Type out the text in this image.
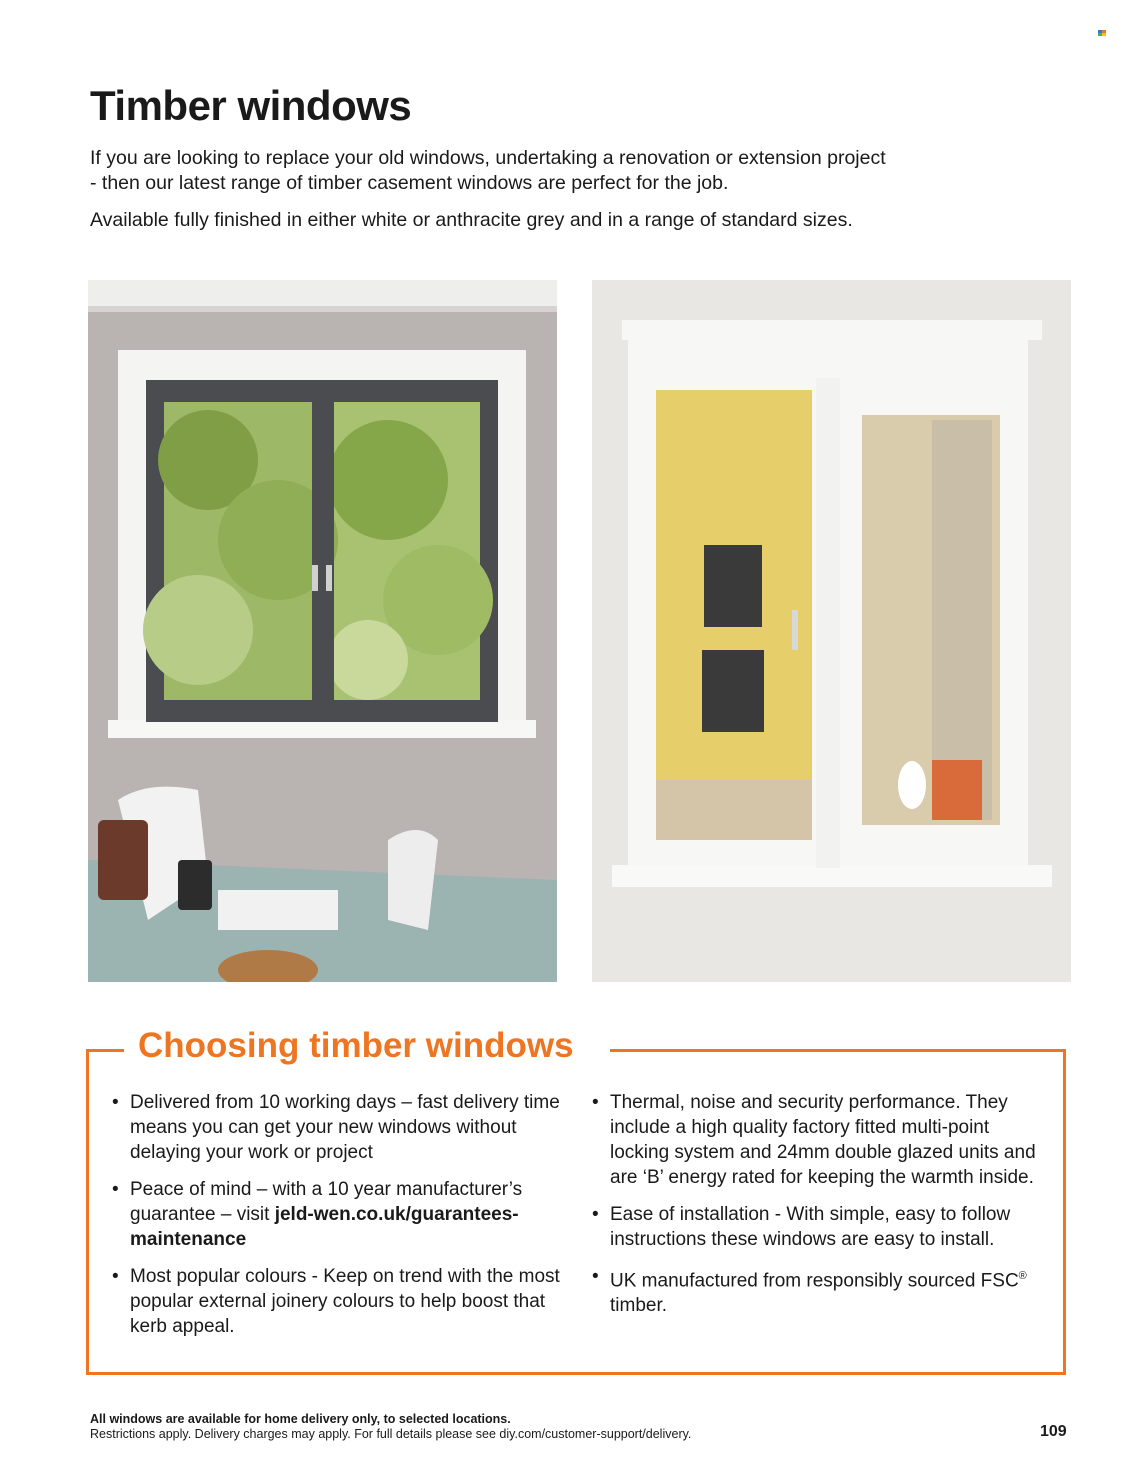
Timber windows

If you are looking to replace your old windows, undertaking a renovation or extension project
- then our latest range of timber casement windows are perfect for the job.

Available fully finished in either white or anthracite grey and in a range of standard sizes.

Choosing timber windows
• Delivered from 10 working days – fast delivery time means you can get your new windows without delaying your work or project
• Peace of mind – with a 10 year manufacturer’s guarantee – visit jeld-wen.co.uk/guarantees-maintenance
• Most popular colours - Keep on trend with the most popular external joinery colours to help boost that kerb appeal.
• Thermal, noise and security performance. They include a high quality factory fitted multi-point locking system and 24mm double glazed units and are ‘B’ energy rated for keeping the warmth inside.
• Ease of installation - With simple, easy to follow instructions these windows are easy to install.
• UK manufactured from responsibly sourced FSC® timber.

All windows are available for home delivery only, to selected locations.

Restrictions apply. Delivery charges may apply. For full details please see diy.com/customer-support/delivery.	109
